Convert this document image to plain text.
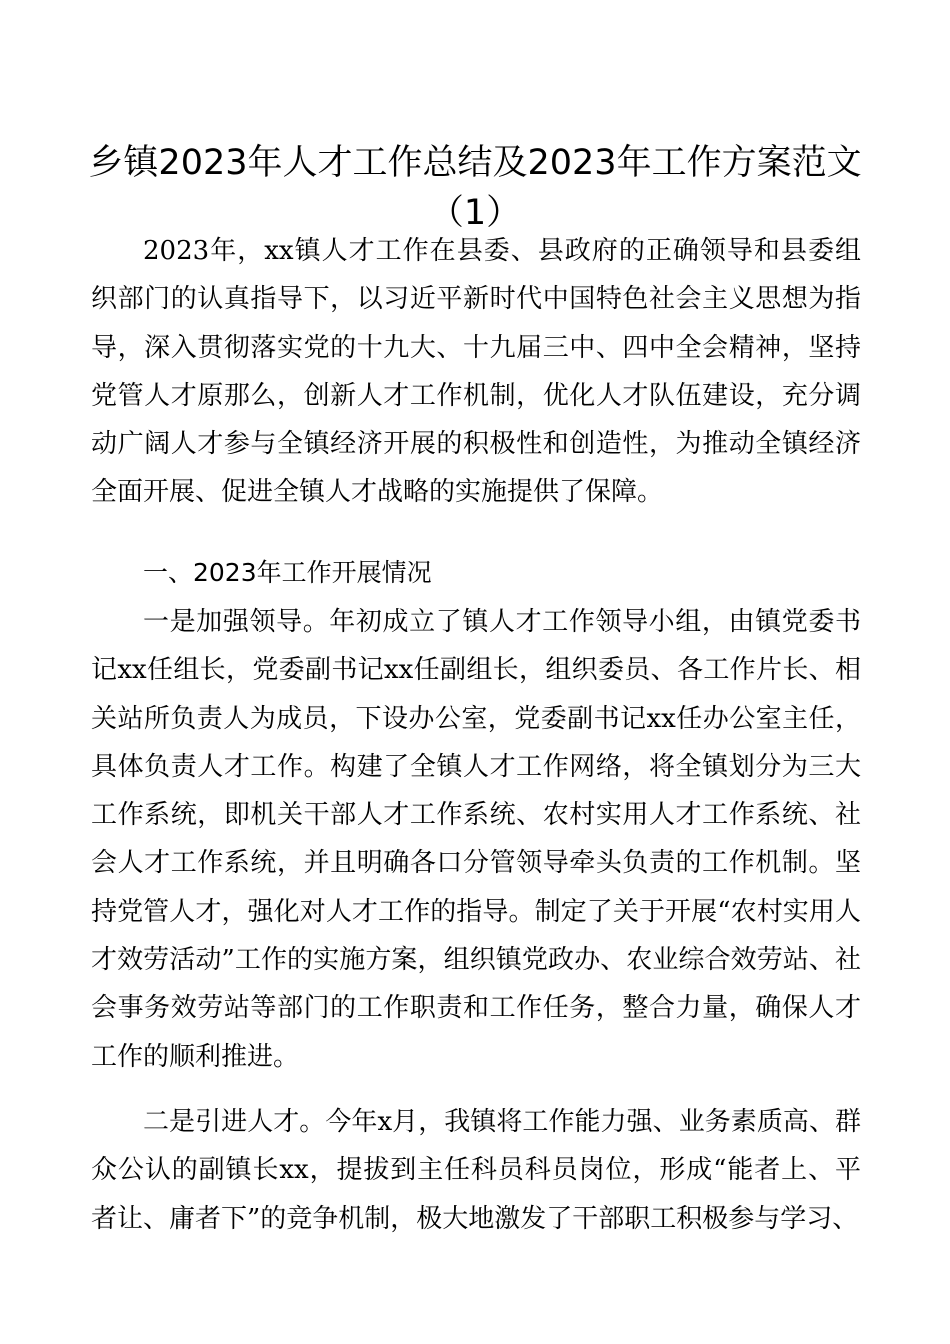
乡镇2023年人才工作总结及2023年工作方案范文
（1）

2023年，xx镇人才工作在县委、县政府的正确领导和县委组织部门的认真指导下，以习近平新时代中国特色社会主义思想为指导，深入贯彻落实党的十九大、十九届三中、四中全会精神，坚持党管人才原那么，创新人才工作机制，优化人才队伍建设，充分调动广阔人才参与全镇经济开展的积极性和创造性，为推动全镇经济全面开展、促进全镇人才战略的实施提供了保障。

一、2023年工作开展情况

一是加强领导。年初成立了镇人才工作领导小组，由镇党委书记xx任组长，党委副书记xx任副组长，组织委员、各工作片长、相关站所负责人为成员，下设办公室，党委副书记xx任办公室主任，具体负责人才工作。构建了全镇人才工作网络，将全镇划分为三大工作系统，即机关干部人才工作系统、农村实用人才工作系统、社会人才工作系统，并且明确各口分管领导牵头负责的工作机制。坚持党管人才，强化对人才工作的指导。制定了关于开展“农村实用人才效劳活动”工作的实施方案，组织镇党政办、农业综合效劳站、社会事务效劳站等部门的工作职责和工作任务，整合力量，确保人才工作的顺利推进。

二是引进人才。今年x月，我镇将工作能力强、业务素质高、群众公认的副镇长xx，提拔到主任科员科员岗位，形成“能者上、平者让、庸者下”的竞争机制，极大地激发了干部职工积极参与学习、
